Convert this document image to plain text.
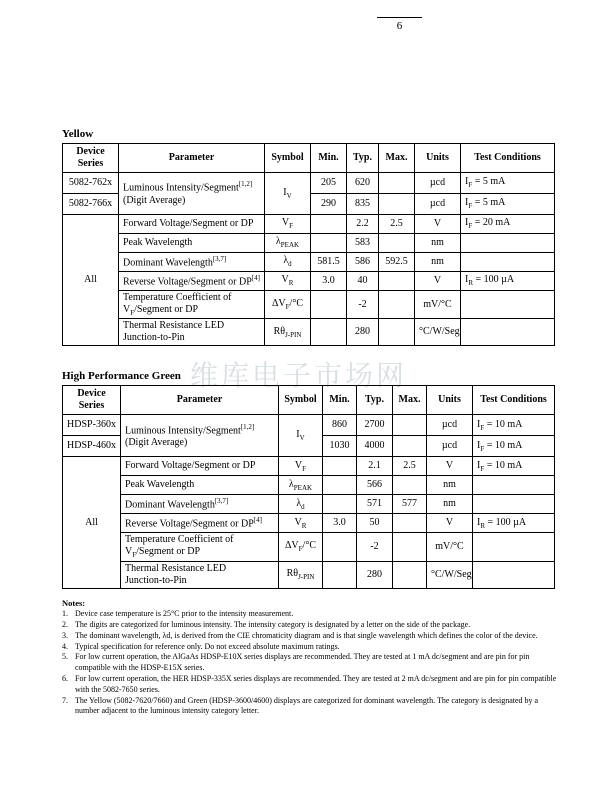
6
维库电子市场网
Yellow
Device Series	Parameter	Symbol	Min.	Typ.	Max.	Units	Test Conditions
5082-762x	Luminous Intensity/Segment[1,2]
(Digit Average)	$I_V$	205	620		µcd	$I_F = 5$ mA
5082-766x			290	835		µcd	$I_F = 5$ mA
All	Forward Voltage/Segment or DP	$V_F$		2.2	2.5	V	$I_F = 20$ mA
	Peak Wavelength	$\lambda_{PEAK}$		583		nm	
	Dominant Wavelength[3,7]	$\lambda_d$	581.5	586	592.5	nm	
	Reverse Voltage/Segment or DP[4]	$V_R$	3.0	40		V	$I_R = 100$ µA
	Temperature Coefficient of
$V_F$/Segment or DP	$\Delta V_F/^\circ C$		-2		mV/°C	
	Thermal Resistance LED
Junction-to-Pin	$R\theta_{J-PIN}$		280		°C/W/Seg	
High Performance Green
Device Series	Parameter	Symbol	Min.	Typ.	Max.	Units	Test Conditions
HDSP-360x	Luminous Intensity/Segment[1,2]
(Digit Average)	$I_V$	860	2700		µcd	$I_F = 10$ mA
HDSP-460x			1030	4000		µcd	$I_F = 10$ mA
All	Forward Voltage/Segment or DP	$V_F$		2.1	2.5	V	$I_F = 10$ mA
	Peak Wavelength	$\lambda_{PEAK}$		566		nm	
	Dominant Wavelength[3,7]	$\lambda_d$		571	577	nm	
	Reverse Voltage/Segment or DP[4]	$V_R$	3.0	50		V	$I_R = 100$ µA
	Temperature Coefficient of
$V_F$/Segment or DP	$\Delta V_F/^\circ C$		-2		mV/°C	
	Thermal Resistance LED
Junction-to-Pin	$R\theta_{J-PIN}$		280		°C/W/Seg	
Notes:
1. Device case temperature is 25°C prior to the intensity measurement.
2. The digits are categorized for luminous intensity. The intensity category is designated by a letter on the side of the package.
3. The dominant wavelength, λd, is derived from the CIE chromaticity diagram and is that single wavelength which defines the color of the device.
4. Typical specification for reference only. Do not exceed absolute maximum ratings.
5. For low current operation, the AlGaAs HDSP-E10X series displays are recommended. They are tested at 1 mA dc/segment and are pin for pin compatible with the HDSP-E15X series.
6. For low current operation, the HER HDSP-335X series displays are recommended. They are tested at 2 mA dc/segment and are pin for pin compatible with the 5082-7650 series.
7. The Yellow (5082-7620/7660) and Green (HDSP-3600/4600) displays are categorized for dominant wavelength. The category is designated by a number adjacent to the luminous intensity category letter.
